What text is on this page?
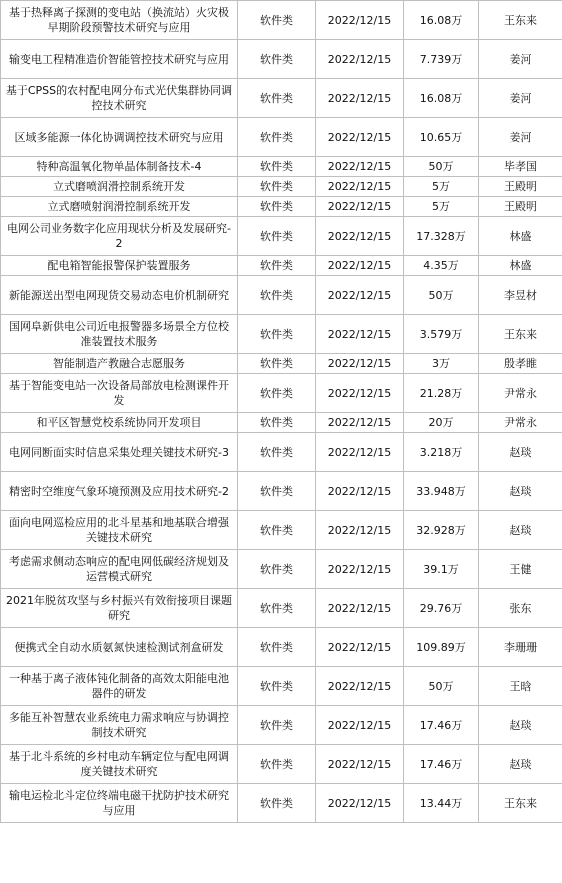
基于热释离子探测的变电站（换流站）火灾极早期阶段预警技术研究与应用	软件类	2022/12/15	16.08万	王东来
输变电工程精准造价智能管控技术研究与应用	软件类	2022/12/15	7.739万	姜河
基于CPSS的农村配电网分布式光伏集群协同调控技术研究	软件类	2022/12/15	16.08万	姜河
区域多能源一体化协调调控技术研究与应用	软件类	2022/12/15	10.65万	姜河
特种高温氧化物单晶体制备技术-4	软件类	2022/12/15	50万	毕孝国
立式磨喷润滑控制系统开发	软件类	2022/12/15	5万	王殿明
立式磨喷射润滑控制系统开发	软件类	2022/12/15	5万	王殿明
电网公司业务数字化应用现状分析及发展研究-2	软件类	2022/12/15	17.328万	林盛
配电箱智能报警保护装置服务	软件类	2022/12/15	4.35万	林盛
新能源送出型电网现货交易动态电价机制研究	软件类	2022/12/15	50万	李昱材
国网阜新供电公司近电报警器多场景全方位校准装置技术服务	软件类	2022/12/15	3.579万	王东来
智能制造产教融合志愿服务	软件类	2022/12/15	3万	殷孝睢
基于智能变电站一次设备局部放电检测课件开发	软件类	2022/12/15	21.28万	尹常永
和平区智慧党校系统协同开发项目	软件类	2022/12/15	20万	尹常永
电网同断面实时信息采集处理关键技术研究-3	软件类	2022/12/15	3.218万	赵琰
精密时空维度气象环境预测及应用技术研究-2	软件类	2022/12/15	33.948万	赵琰
面向电网巡检应用的北斗星基和地基联合增强关键技术研究	软件类	2022/12/15	32.928万	赵琰
考虑需求侧动态响应的配电网低碳经济规划及运营模式研究	软件类	2022/12/15	39.1万	王健
2021年脱贫攻坚与乡村振兴有效衔接项目课题研究	软件类	2022/12/15	29.76万	张东
便携式全自动水质氨氮快速检测试剂盒研发	软件类	2022/12/15	109.89万	李珊珊
一种基于离子液体钝化制备的高效太阳能电池器件的研发	软件类	2022/12/15	50万	王晗
多能互补智慧农业系统电力需求响应与协调控制技术研究	软件类	2022/12/15	17.46万	赵琰
基于北斗系统的乡村电动车辆定位与配电网调度关键技术研究	软件类	2022/12/15	17.46万	赵琰
输电运检北斗定位终端电磁干扰防护技术研究与应用	软件类	2022/12/15	13.44万	王东来
